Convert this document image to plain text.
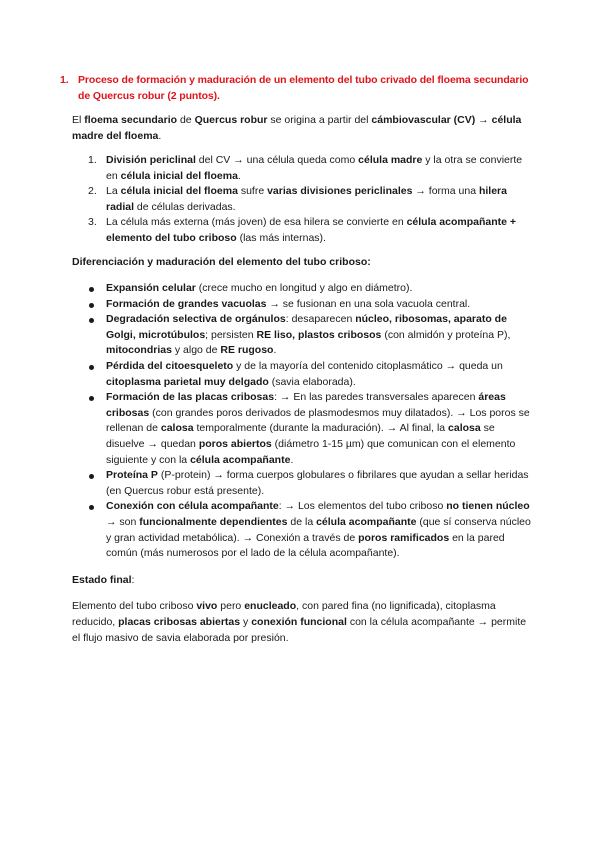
1. Proceso de formación y maduración de un elemento del tubo crivado del floema secundario de Quercus robur (2 puntos).

El floema secundario de Quercus robur se origina a partir del cámbiovascular (CV) → célula madre del floema.

1. División periclinal del CV → una célula queda como célula madre y la otra se convierte en célula inicial del floema.
2. La célula inicial del floema sufre varias divisiones periclinales → forma una hilera radial de células derivadas.
3. La célula más externa (más joven) de esa hilera se convierte en célula acompañante + elemento del tubo criboso (las más internas).

Diferenciación y maduración del elemento del tubo criboso:

Expansión celular (crece mucho en longitud y algo en diámetro).
Formación de grandes vacuolas → se fusionan en una sola vacuola central.
Degradación selectiva de orgánulos: desaparecen núcleo, ribosomas, aparato de Golgi, microtúbulos; persisten RE liso, plastos cribosos (con almidón y proteína P), mitocondrias y algo de RE rugoso.
Pérdida del citoesqueleto y de la mayoría del contenido citoplasmático → queda un citoplasma parietal muy delgado (savia elaborada).
Formación de las placas cribosas: → En las paredes transversales aparecen áreas cribosas (con grandes poros derivados de plasmodesmos muy dilatados). → Los poros se rellenan de calosa temporalmente (durante la maduración). → Al final, la calosa se disuelve → quedan poros abiertos (diámetro 1-15 µm) que comunican con el elemento siguiente y con la célula acompañante.
Proteína P (P-protein) → forma cuerpos globulares o fibrilares que ayudan a sellar heridas (en Quercus robur está presente).
Conexión con célula acompañante: → Los elementos del tubo criboso no tienen núcleo → son funcionalmente dependientes de la célula acompañante (que sí conserva núcleo y gran actividad metabólica). → Conexión a través de poros ramificados en la pared común (más numerosos por el lado de la célula acompañante).

Estado final:

Elemento del tubo criboso vivo pero enucleado, con pared fina (no lignificada), citoplasma reducido, placas cribosas abiertas y conexión funcional con la célula acompañante → permite el flujo masivo de savia elaborada por presión.
